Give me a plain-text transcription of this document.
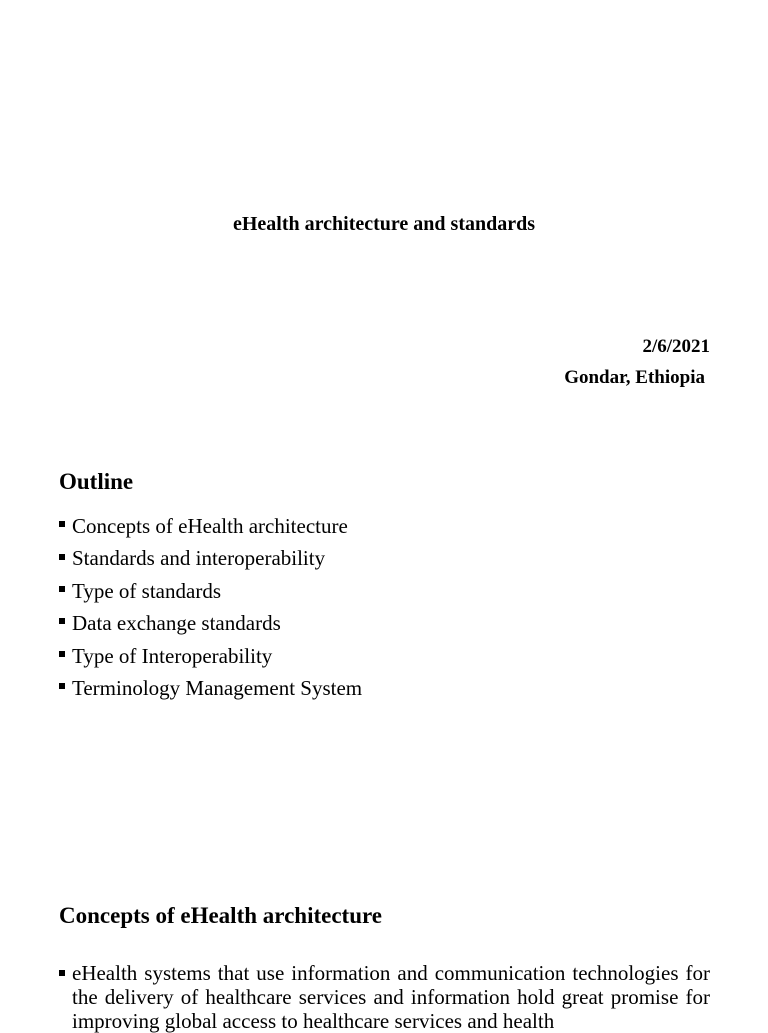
eHealth architecture and standards
2/6/2021
Gondar, Ethiopia
Outline
Concepts of eHealth architecture
Standards and interoperability
Type of standards
Data exchange standards
Type of Interoperability
Terminology Management System
Concepts of eHealth architecture
eHealth systems that use information and communication technologies for the delivery of healthcare services and information hold great promise for improving global access to healthcare services and health
